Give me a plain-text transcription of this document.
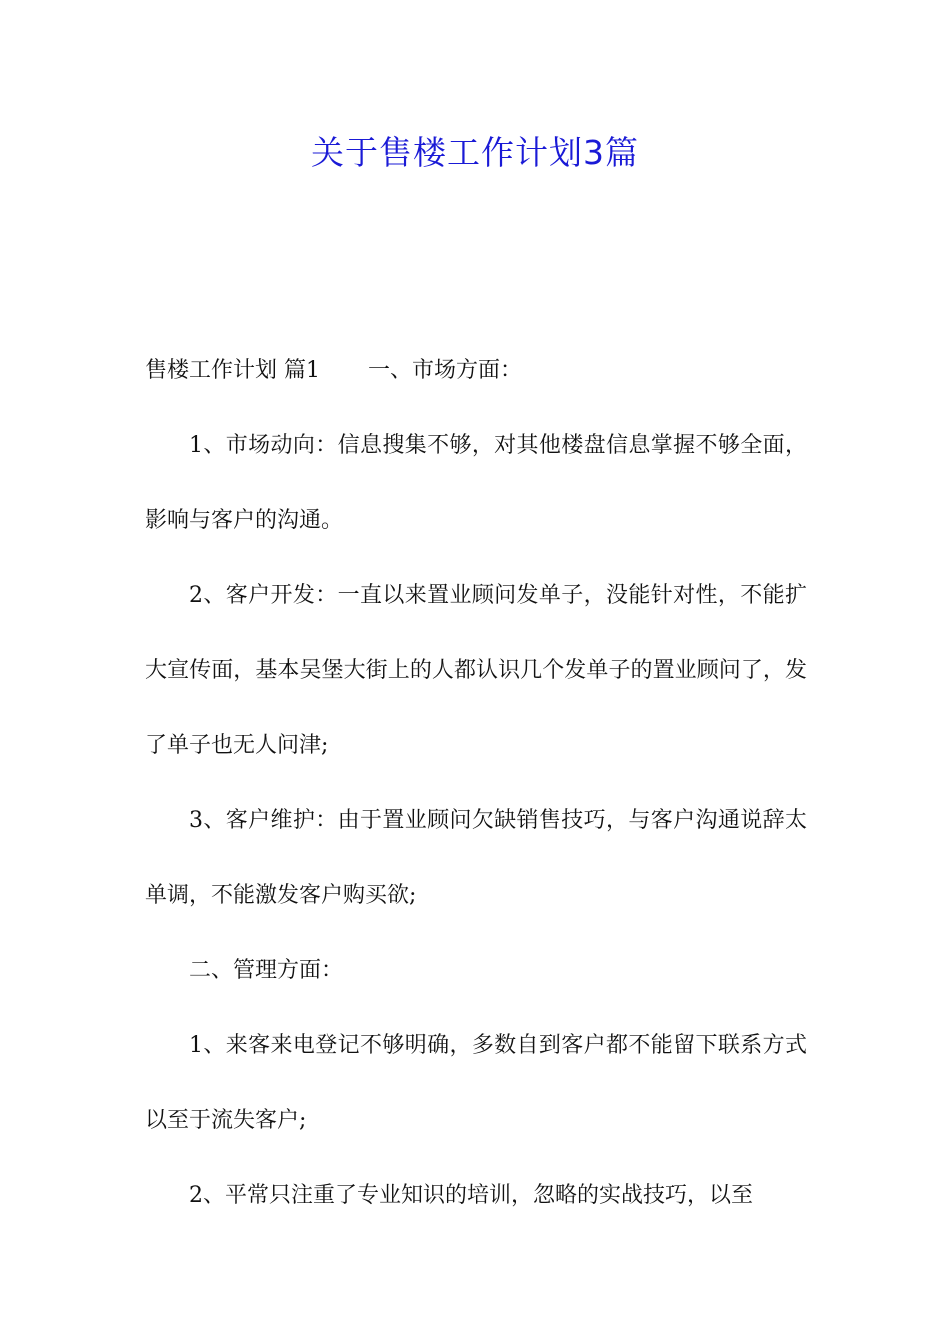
关于售楼工作计划3篇

售楼工作计划 篇1 一、市场方面：

1、市场动向：信息搜集不够，对其他楼盘信息掌握不够全面，影响与客户的沟通。

2、客户开发：一直以来置业顾问发单子，没能针对性，不能扩大宣传面，基本吴堡大街上的人都认识几个发单子的置业顾问了，发了单子也无人问津;

3、客户维护：由于置业顾问欠缺销售技巧，与客户沟通说辞太单调，不能激发客户购买欲;

二、管理方面：

1、来客来电登记不够明确，多数自到客户都不能留下联系方式以至于流失客户;

2、平常只注重了专业知识的培训，忽略的实战技巧，以至
